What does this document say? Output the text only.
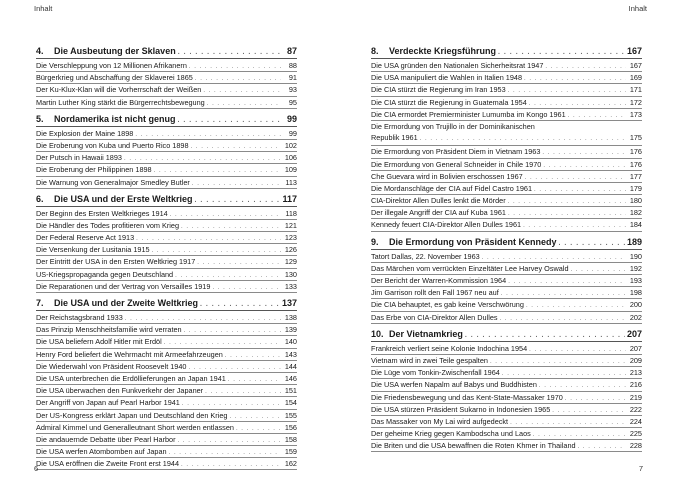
Inhalt	Inhalt
4.	Die Ausbeutung der Sklaven . . .	87
Die Verschleppung von 12 Millionen Afrikanern . . .	88
Bürgerkrieg und Abschaffung der Sklaverei 1865 . . .	91
Der Ku-Klux-Klan will die Vorherrschaft der Weißen . . .	93
Martin Luther King stärkt die Bürgerrechtsbewegung . . .	95
5.	Nordamerika ist nicht genug . . .	99
Die Explosion der Maine 1898 . . .	99
Die Eroberung von Kuba und Puerto Rico 1898 . . .	102
Der Putsch in Hawaii 1893 . . .	106
Die Eroberung der Philippinen 1898 . . .	109
Die Warnung von Generalmajor Smedley Butler . . .	113
6.	Die USA und der Erste Weltkrieg . . .	117
Der Beginn des Ersten Weltkrieges 1914 . . .	118
Die Händler des Todes profitieren vom Krieg . . .	121
Der Federal Reserve Act 1913 . . .	123
Die Versenkung der Lusitania 1915 . . .	126
Der Eintritt der USA in den Ersten Weltkrieg 1917 . . .	129
US-Kriegspropaganda gegen Deutschland . . .	130
Die Reparationen und der Vertrag von Versailles 1919 . . .	133
7.	Die USA und der Zweite Weltkrieg . . .	137
Der Reichstagsbrand 1933 . . .	138
Das Prinzip Menschheitsfamilie wird verraten . . .	139
Die USA beliefern Adolf Hitler mit Erdöl . . .	140
Henry Ford beliefert die Wehrmacht mit Armeefahrzeugen . . .	143
Die Wiederwahl von Präsident Roosevelt 1940 . . .	144
Die USA unterbrechen die Erdöllieferungen an Japan 1941 . . .	146
Die USA überwachen den Funkverkehr der Japaner . . .	151
Der Angriff von Japan auf Pearl Harbor 1941 . . .	154
Der US-Kongress erklärt Japan und Deutschland den Krieg . . .	155
Admiral Kimmel und Generalleutnant Short werden entlassen . . .	156
Die andauernde Debatte über Pearl Harbor . . .	158
Die USA werfen Atombomben auf Japan . . .	159
Die USA eröffnen die Zweite Front erst 1944 . . .	162
8.	Verdeckte Kriegsführung . . .	167
Die USA gründen den Nationalen Sicherheitsrat 1947 . . .	167
Die USA manipuliert die Wahlen in Italien 1948 . . .	169
Die CIA stürzt die Regierung im Iran 1953 . . .	171
Die CIA stürzt die Regierung in Guatemala 1954 . . .	172
Die CIA ermordet Premierminister Lumumba im Kongo 1961 . . .	173
Die Ermordung von Trujillo in der Dominikanischen
Republik 1961 . . .	175
Die Ermordung von Präsident Diem in Vietnam 1963 . . .	176
Die Ermordung von General Schneider in Chile 1970 . . .	176
Che Guevara wird in Bolivien erschossen 1967 . . .	177
Die Mordanschläge der CIA auf Fidel Castro 1961 . . .	179
CIA-Direktor Allen Dulles lenkt die Mörder . . .	180
Der illegale Angriff der CIA auf Kuba 1961 . . .	182
Kennedy feuert CIA-Direktor Allen Dulles 1961 . . .	184
9.	Die Ermordung von Präsident Kennedy . . .	189
Tatort Dallas, 22. November 1963 . . .	190
Das Märchen vom verrückten Einzeltäter Lee Harvey Oswald . . .	192
Der Bericht der Warren-Kommission 1964 . . .	193
Jim Garrison rollt den Fall 1967 neu auf . . .	198
Die CIA behauptet, es gab keine Verschwörung . . .	200
Das Erbe von CIA-Direktor Allen Dulles . . .	202
10. Der Vietnamkrieg . . .	207
Frankreich verliert seine Kolonie Indochina 1954 . . .	207
Vietnam wird in zwei Teile gespalten . . .	209
Die Lüge vom Tonkin-Zwischenfall 1964 . . .	213
Die USA werfen Napalm auf Babys und Buddhisten . . .	216
Die Friedensbewegung und das Kent-State-Massaker 1970 . . .	219
Die USA stürzen Präsident Sukarno in Indonesien 1965 . . .	222
Das Massaker von My Lai wird aufgedeckt . . .	224
Der geheime Krieg gegen Kambodscha und Laos . . .	225
Die Briten und die USA bewaffnen die Roten Khmer in Thailand . . .	228
6	7
